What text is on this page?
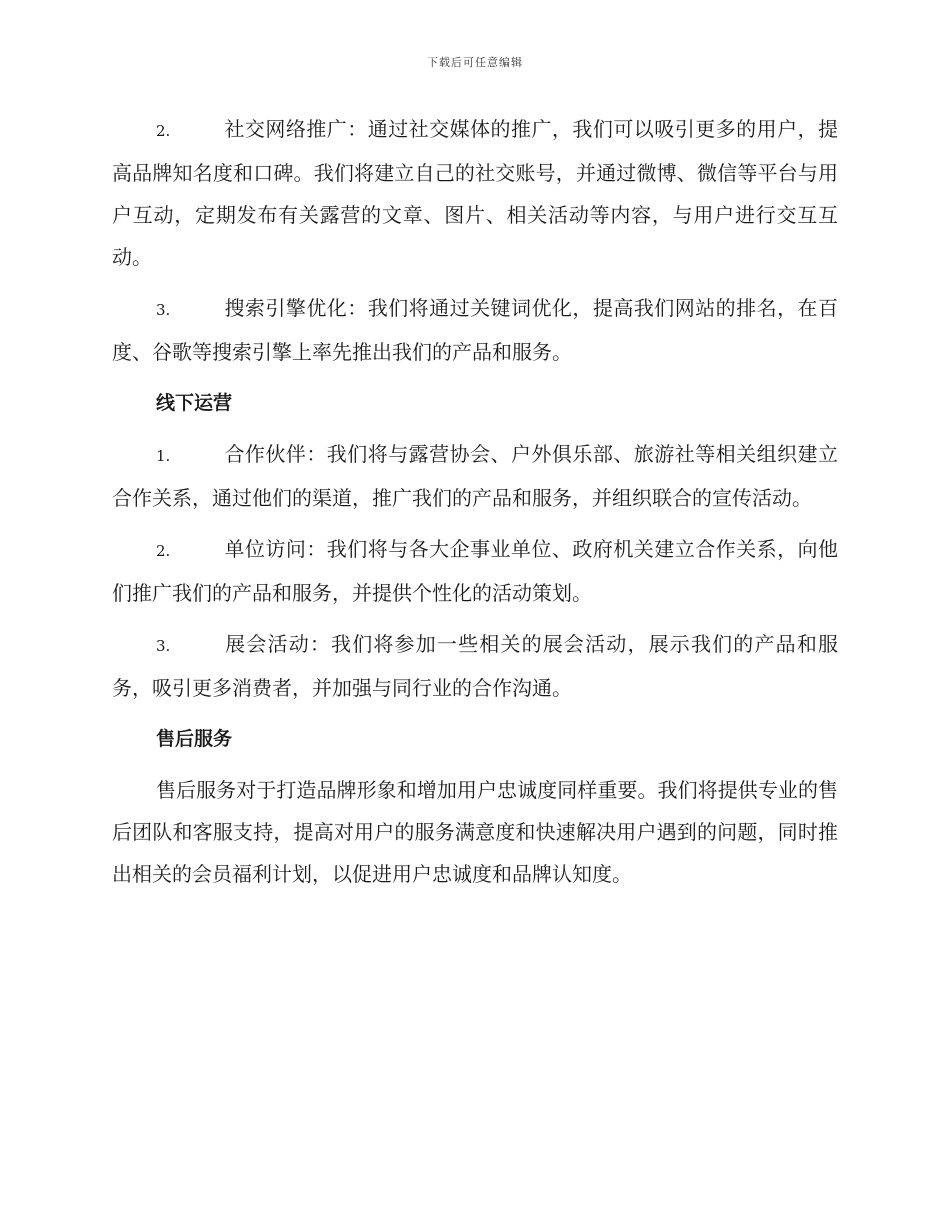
下载后可任意编辑

2.	社交网络推广：通过社交媒体的推广，我们可以吸引更多的用户，提高品牌知名度和口碑。我们将建立自己的社交账号，并通过微博、微信等平台与用户互动，定期发布有关露营的文章、图片、相关活动等内容，与用户进行交互互动。

3.	搜索引擎优化：我们将通过关键词优化，提高我们网站的排名，在百度、谷歌等搜索引擎上率先推出我们的产品和服务。

线下运营

1.	合作伙伴：我们将与露营协会、户外俱乐部、旅游社等相关组织建立合作关系，通过他们的渠道，推广我们的产品和服务，并组织联合的宣传活动。

2.	单位访问：我们将与各大企事业单位、政府机关建立合作关系，向他们推广我们的产品和服务，并提供个性化的活动策划。

3.	展会活动：我们将参加一些相关的展会活动，展示我们的产品和服务，吸引更多消费者，并加强与同行业的合作沟通。

售后服务

售后服务对于打造品牌形象和增加用户忠诚度同样重要。我们将提供专业的售后团队和客服支持，提高对用户的服务满意度和快速解决用户遇到的问题，同时推出相关的会员福利计划，以促进用户忠诚度和品牌认知度。
